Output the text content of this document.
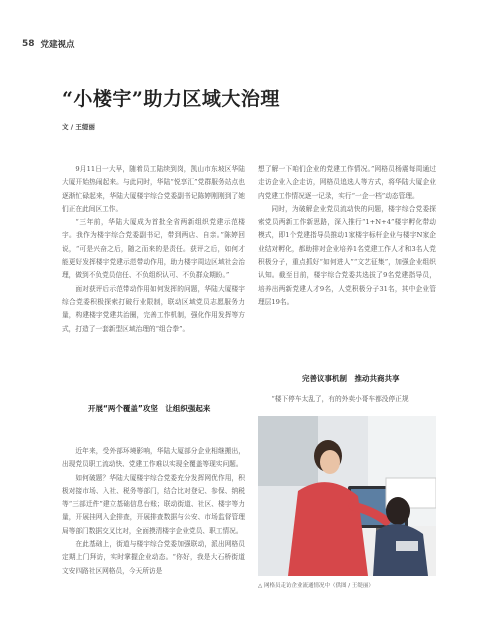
58 党建视点
“小楼宇”助力区域大治理
文 / 王缇丽

9月11日一大早，随着员工陆续到岗，凯山市东坡区华陆大厦开始热闹起来。与此同时，华陆“悦享汇”党群服务站点也逐渐忙碌起来，华陆大厦楼宇综合党委副书记陈婷刚刚到了她们正在此间区工作。

“三年前，华陆大厦成为首批全省两新组织党建示范楼宇。我作为楼宇综合党委副书记，带到两店、自亲。”陈婷回说，“可是兴奋之后，随之而来的是责任。获评之后，如何才能更好发挥楼宇党建示范带动作用，助力楼宇周边区域社会治理，做到不负党员信任、不负组织认可、不负群众期盼。”

面对获评后示范带动作用如何发挥的问题，华陆大厦楼宇综合党委积极探索打破行业限制，联动区域党员志愿服务力量，构建楼宇党建共治圈，完善工作机制，强化作用发挥等方式，打造了一套新型区域治理的“组合拳”。

开展“两个覆盖”攻坚　让组织强起来

近年来，受外部环境影响，华陆大厦部分企业相继搬出，出现党员职工流动快、党建工作难以实现全覆盖等现实问题。

如何破题？华陆大厦楼宇综合党委充分发挥网优作用，积极对接市场、入社、税务等部门，结合比对登记、参保、纳税等“三部迁件”建立基础信息台账；联动街道、社区、楼宇等力量，开展挂网入企排查，开展排查数据与公安、市场监督管理局等部门数据交叉比对，全面摸清楼宇企业党员、职工情况。

在此基础上，街道与楼宇综合党委加强联动，派出网格员定期上门拜访，实时掌握企业动态。“你好，我是大石桥街道文安四路社区网格员，今天所访是

想了解一下咱们企业的党建工作情况。”网格员杨震每周通过走访企业入企走访，网格员追选人等方式，将华陆大厦企业内党建工作情况逐一记录，实行“一企一档”动态管理。

同时，为破解企业党员流动快的问题，楼宇综合党委探索党员两新工作新思路，深入推行“1+N+4”楼宇孵化带动模式，即1个党建指导员推动1家楼宇标杆企业与楼宇N家企业结对孵化，都助排对企业培养1名党建工作人才和3名人党积极分子，重点抓好“如何进人”“文艺征集”，加强企业组织认知。截至目前，楼宇综合党委共选拔了9名党建指导员，培养出两新党建人才9名，人党积极分子31名，其中企业管理层19名。

完善议事机制　推动共商共享

“楼下停车太乱了，有的外卖小哥车都没停正规

△ 网格员走访企业流通情况中（供图 / 王缇丽）
